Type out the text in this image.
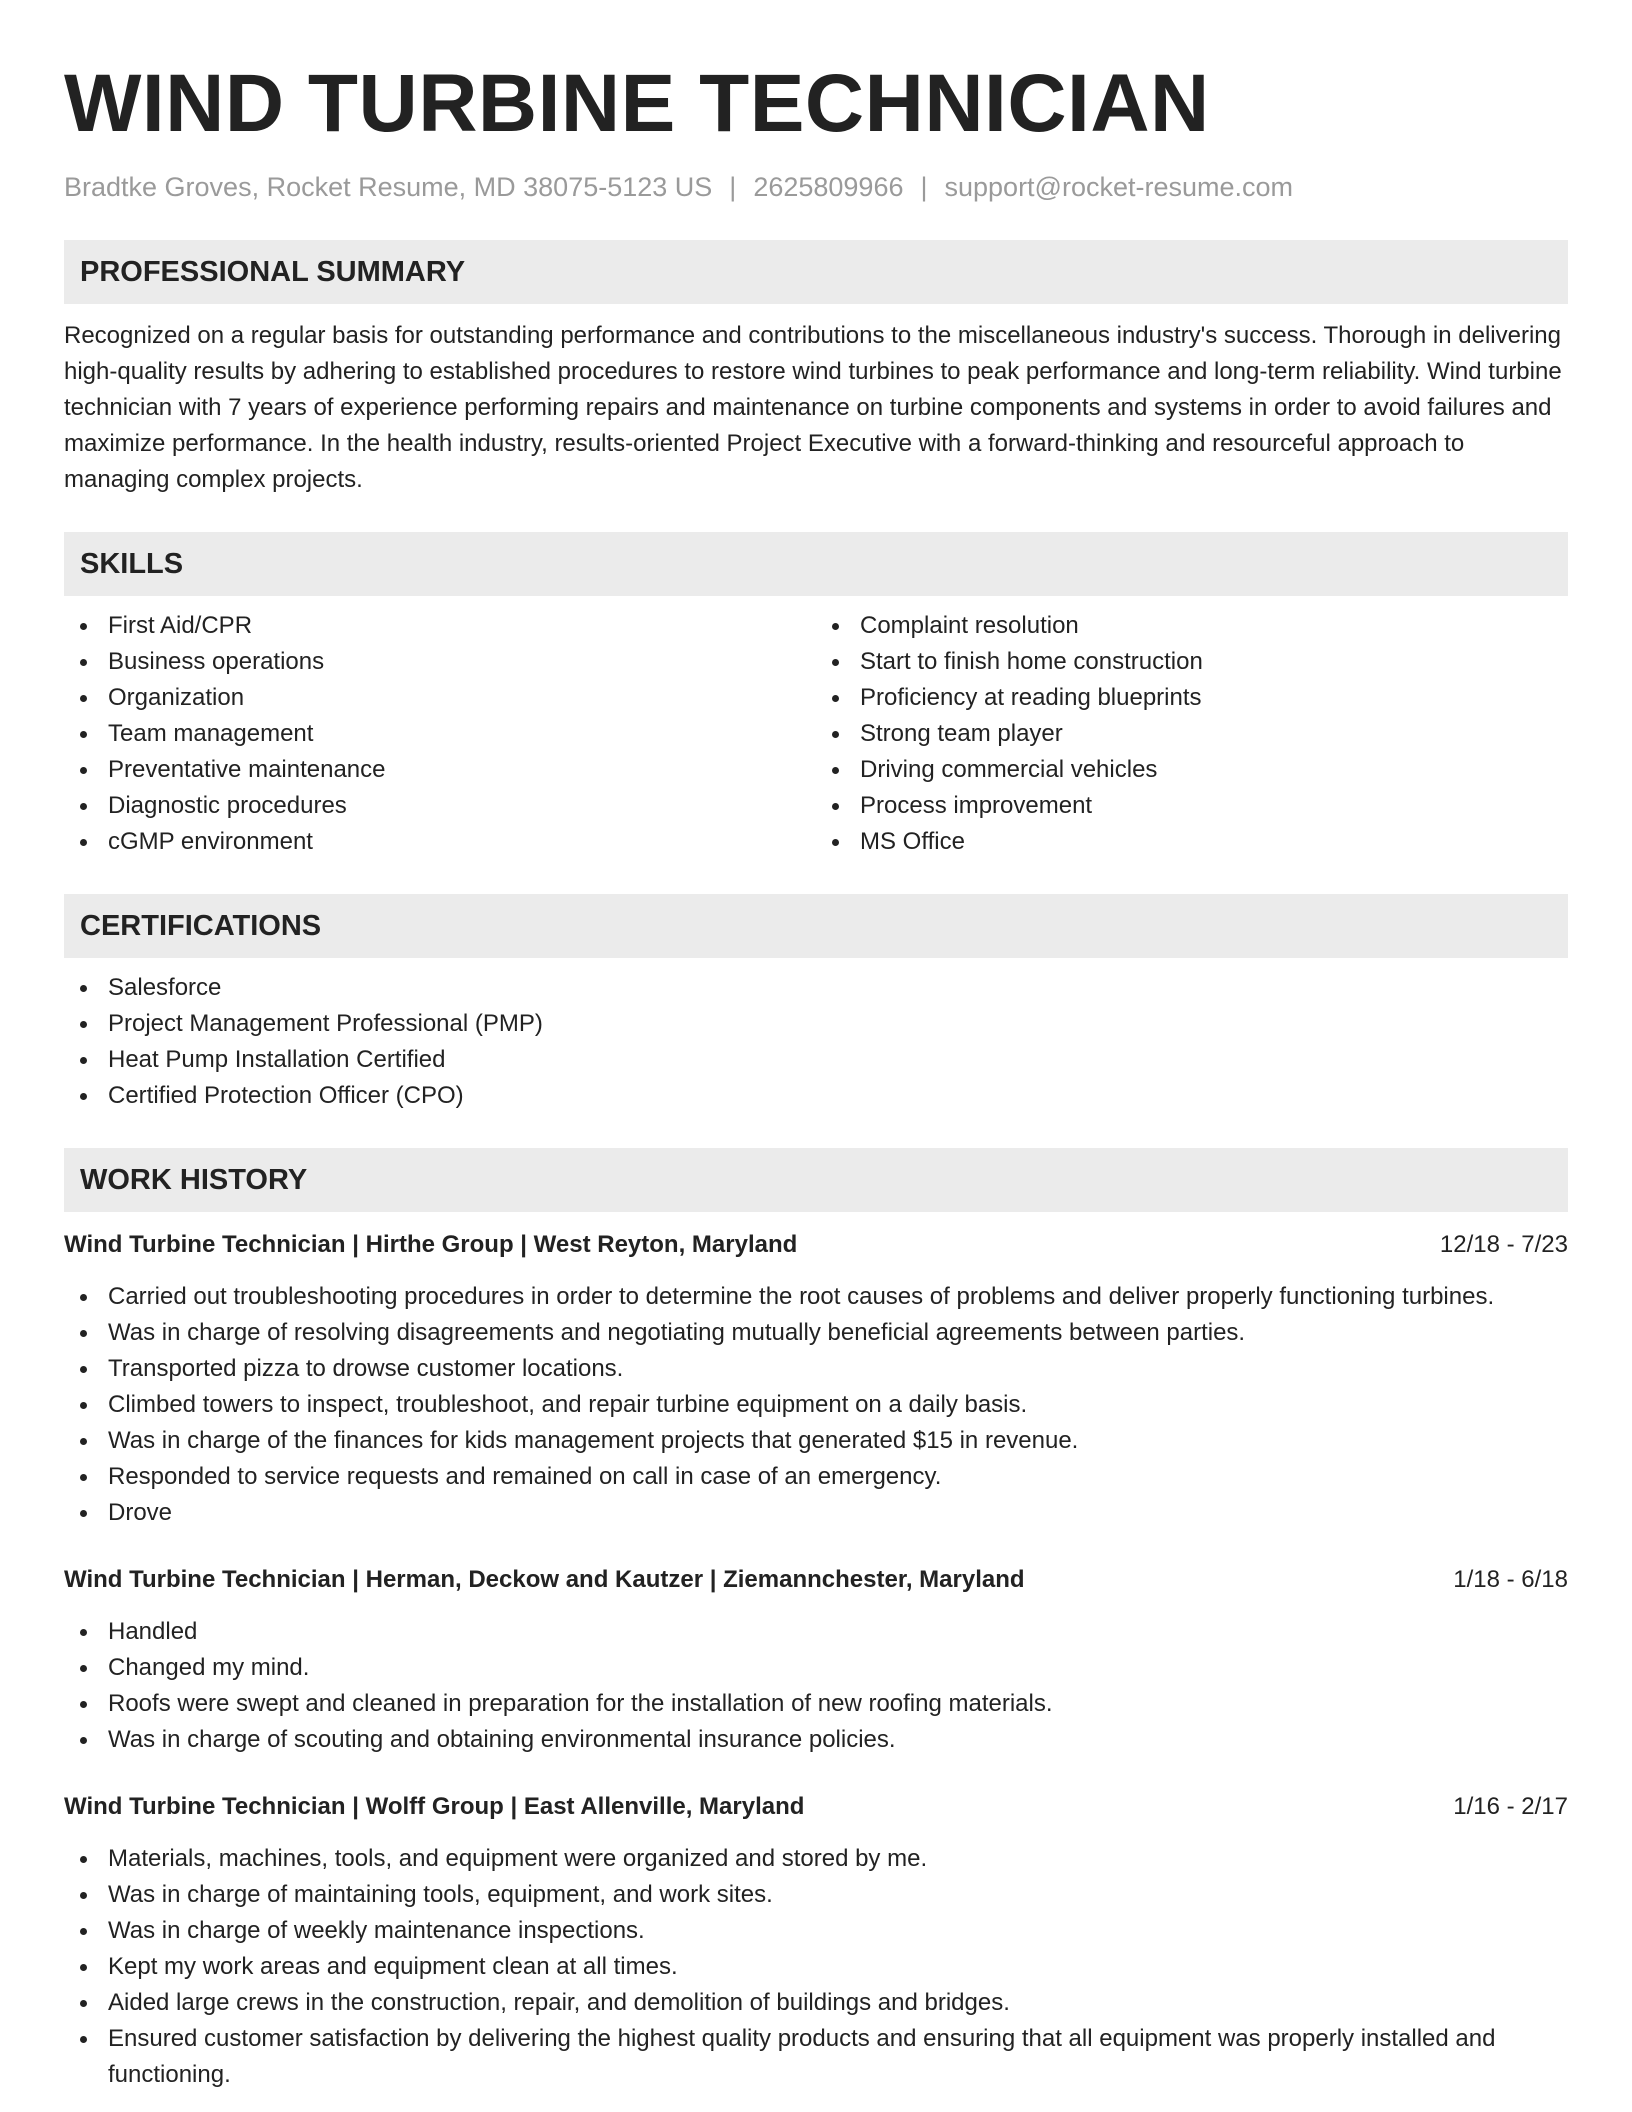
WIND TURBINE TECHNICIAN
Bradtke Groves, Rocket Resume, MD 38075-5123 US | 2625809966 | support@rocket-resume.com
PROFESSIONAL SUMMARY

Recognized on a regular basis for outstanding performance and contributions to the miscellaneous industry's success. Thorough in delivering high-quality results by adhering to established procedures to restore wind turbines to peak performance and long-term reliability. Wind turbine technician with 7 years of experience performing repairs and maintenance on turbine components and systems in order to avoid failures and maximize performance. In the health industry, results-oriented Project Executive with a forward-thinking and resourceful approach to managing complex projects.

SKILLS
First Aid/CPR
Business operations
Organization
Team management
Preventative maintenance
Diagnostic procedures
cGMP environment
Complaint resolution
Start to finish home construction
Proficiency at reading blueprints
Strong team player
Driving commercial vehicles
Process improvement
MS Office
CERTIFICATIONS
Salesforce
Project Management Professional (PMP)
Heat Pump Installation Certified
Certified Protection Officer (CPO)
WORK HISTORY
Wind Turbine Technician | Hirthe Group | West Reyton, Maryland	12/18 - 7/23
Carried out troubleshooting procedures in order to determine the root causes of problems and deliver properly functioning turbines.
Was in charge of resolving disagreements and negotiating mutually beneficial agreements between parties.
Transported pizza to drowse customer locations.
Climbed towers to inspect, troubleshoot, and repair turbine equipment on a daily basis.
Was in charge of the finances for kids management projects that generated $15 in revenue.
Responded to service requests and remained on call in case of an emergency.
Drove
Wind Turbine Technician | Herman, Deckow and Kautzer | Ziemannchester, Maryland	1/18 - 6/18
Handled
Changed my mind.
Roofs were swept and cleaned in preparation for the installation of new roofing materials.
Was in charge of scouting and obtaining environmental insurance policies.
Wind Turbine Technician | Wolff Group | East Allenville, Maryland	1/16 - 2/17
Materials, machines, tools, and equipment were organized and stored by me.
Was in charge of maintaining tools, equipment, and work sites.
Was in charge of weekly maintenance inspections.
Kept my work areas and equipment clean at all times.
Aided large crews in the construction, repair, and demolition of buildings and bridges.
Ensured customer satisfaction by delivering the highest quality products and ensuring that all equipment was properly installed and functioning.
